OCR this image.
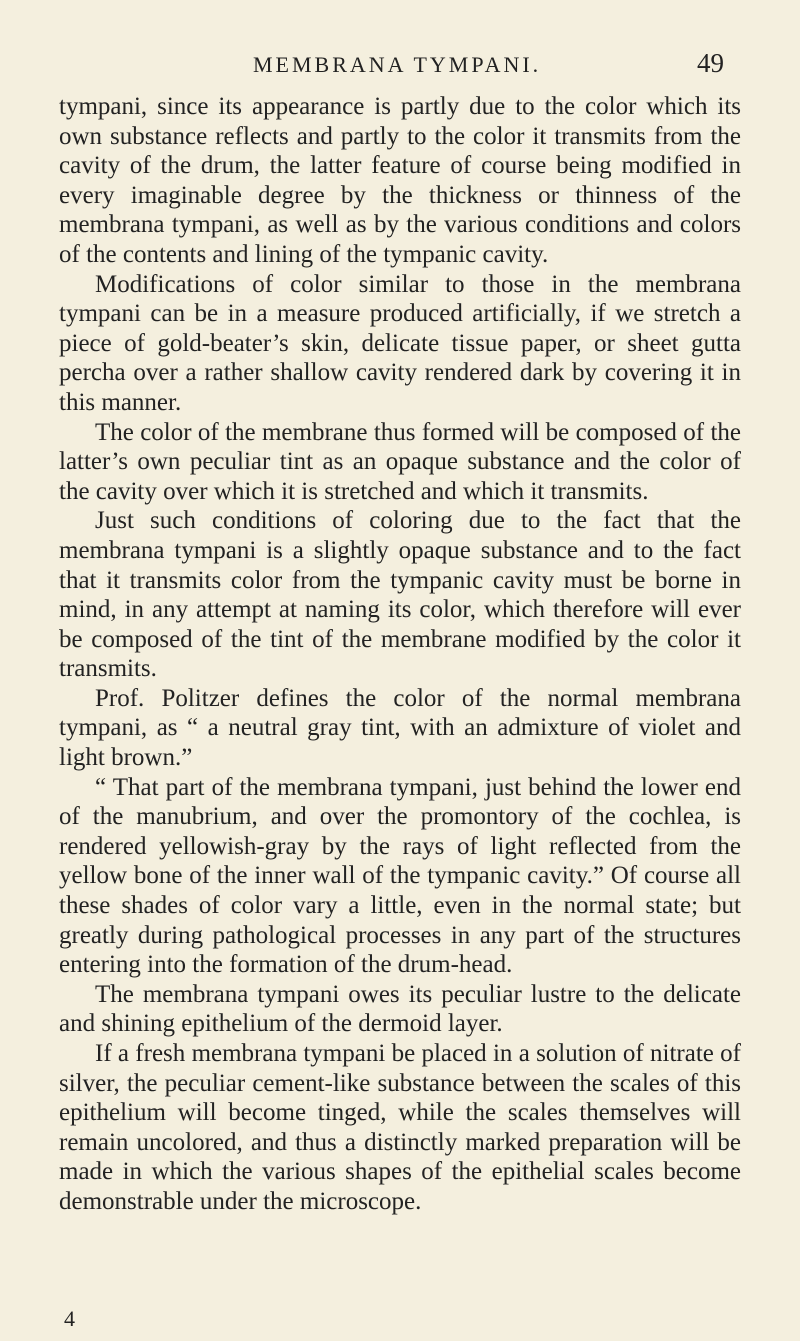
MEMBRANA TYMPANI.	49

tympani, since its appearance is partly due to the color which its own substance reflects and partly to the color it transmits from the cavity of the drum, the latter feature of course being modified in every imaginable degree by the thickness or thinness of the membrana tympani, as well as by the various conditions and colors of the contents and lining of the tympanic cavity.

Modifications of color similar to those in the membrana tympani can be in a measure produced artificially, if we stretch a piece of gold-beater’s skin, delicate tissue paper, or sheet gutta percha over a rather shallow cavity rendered dark by covering it in this manner.

The color of the membrane thus formed will be composed of the latter’s own peculiar tint as an opaque substance and the color of the cavity over which it is stretched and which it transmits.

Just such conditions of coloring due to the fact that the membrana tympani is a slightly opaque substance and to the fact that it transmits color from the tympanic cavity must be borne in mind, in any attempt at naming its color, which therefore will ever be composed of the tint of the membrane modified by the color it transmits.

Prof. Politzer defines the color of the normal membrana tympani, as “ a neutral gray tint, with an admixture of violet and light brown.”

“ That part of the membrana tympani, just behind the lower end of the manubrium, and over the promontory of the cochlea, is rendered yellowish-gray by the rays of light reflected from the yellow bone of the inner wall of the tympanic cavity.” Of course all these shades of color vary a little, even in the normal state; but greatly during pathological processes in any part of the structures entering into the formation of the drum-head.

The membrana tympani owes its peculiar lustre to the delicate and shining epithelium of the dermoid layer.

If a fresh membrana tympani be placed in a solution of nitrate of silver, the peculiar cement-like substance between the scales of this epithelium will become tinged, while the scales themselves will remain uncolored, and thus a distinctly marked preparation will be made in which the various shapes of the epithelial scales become demonstrable under the microscope.

4
